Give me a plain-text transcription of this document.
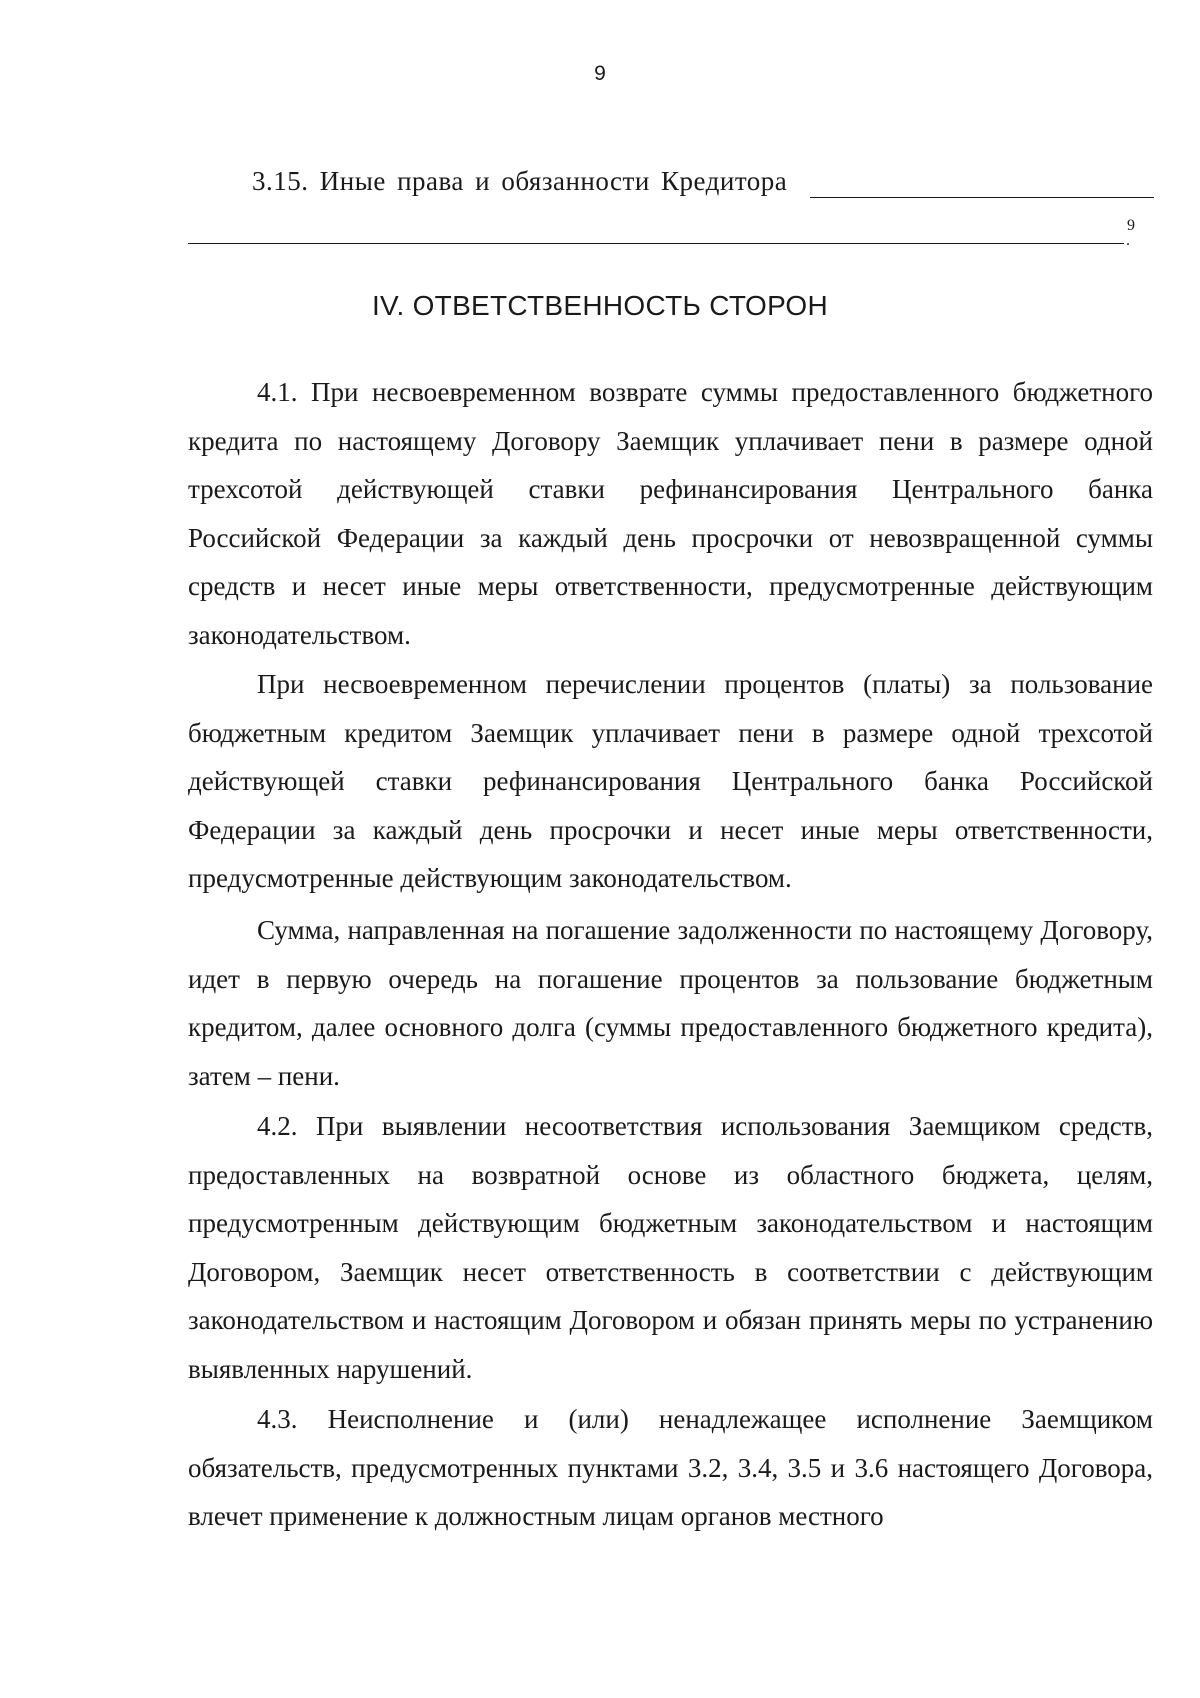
9
3.15. Иные права и обязанности Кредитора
9
.
IV. ОТВЕТСТВЕННОСТЬ СТОРОН

4.1. При несвоевременном возврате суммы предоставленного бюджетного кредита по настоящему Договору Заемщик уплачивает пени в размере одной трехсотой действующей ставки рефинансирования Центрального банка Российской Федерации за каждый день просрочки от невозвращенной суммы средств и несет иные меры ответственности, предусмотренные действующим законодательством.

При несвоевременном перечислении процентов (платы) за пользование бюджетным кредитом Заемщик уплачивает пени в размере одной трехсотой действующей ставки рефинансирования Центрального банка Российской Федерации за каждый день просрочки и несет иные меры ответственности, предусмотренные действующим законодательством.

Сумма, направленная на погашение задолженности по настоящему Договору, идет в первую очередь на погашение процентов за пользование бюджетным кредитом, далее основного долга (суммы предоставленного бюджетного кредита), затем – пени.

4.2. При выявлении несоответствия использования Заемщиком средств, предоставленных на возвратной основе из областного бюджета, целям, предусмотренным действующим бюджетным законодательством и настоящим Договором, Заемщик несет ответственность в соответствии с действующим законодательством и настоящим Договором и обязан принять меры по устранению выявленных нарушений.

4.3. Неисполнение и (или) ненадлежащее исполнение Заемщиком обязательств, предусмотренных пунктами 3.2, 3.4, 3.5 и 3.6 настоящего Договора, влечет применение к должностным лицам органов местного
